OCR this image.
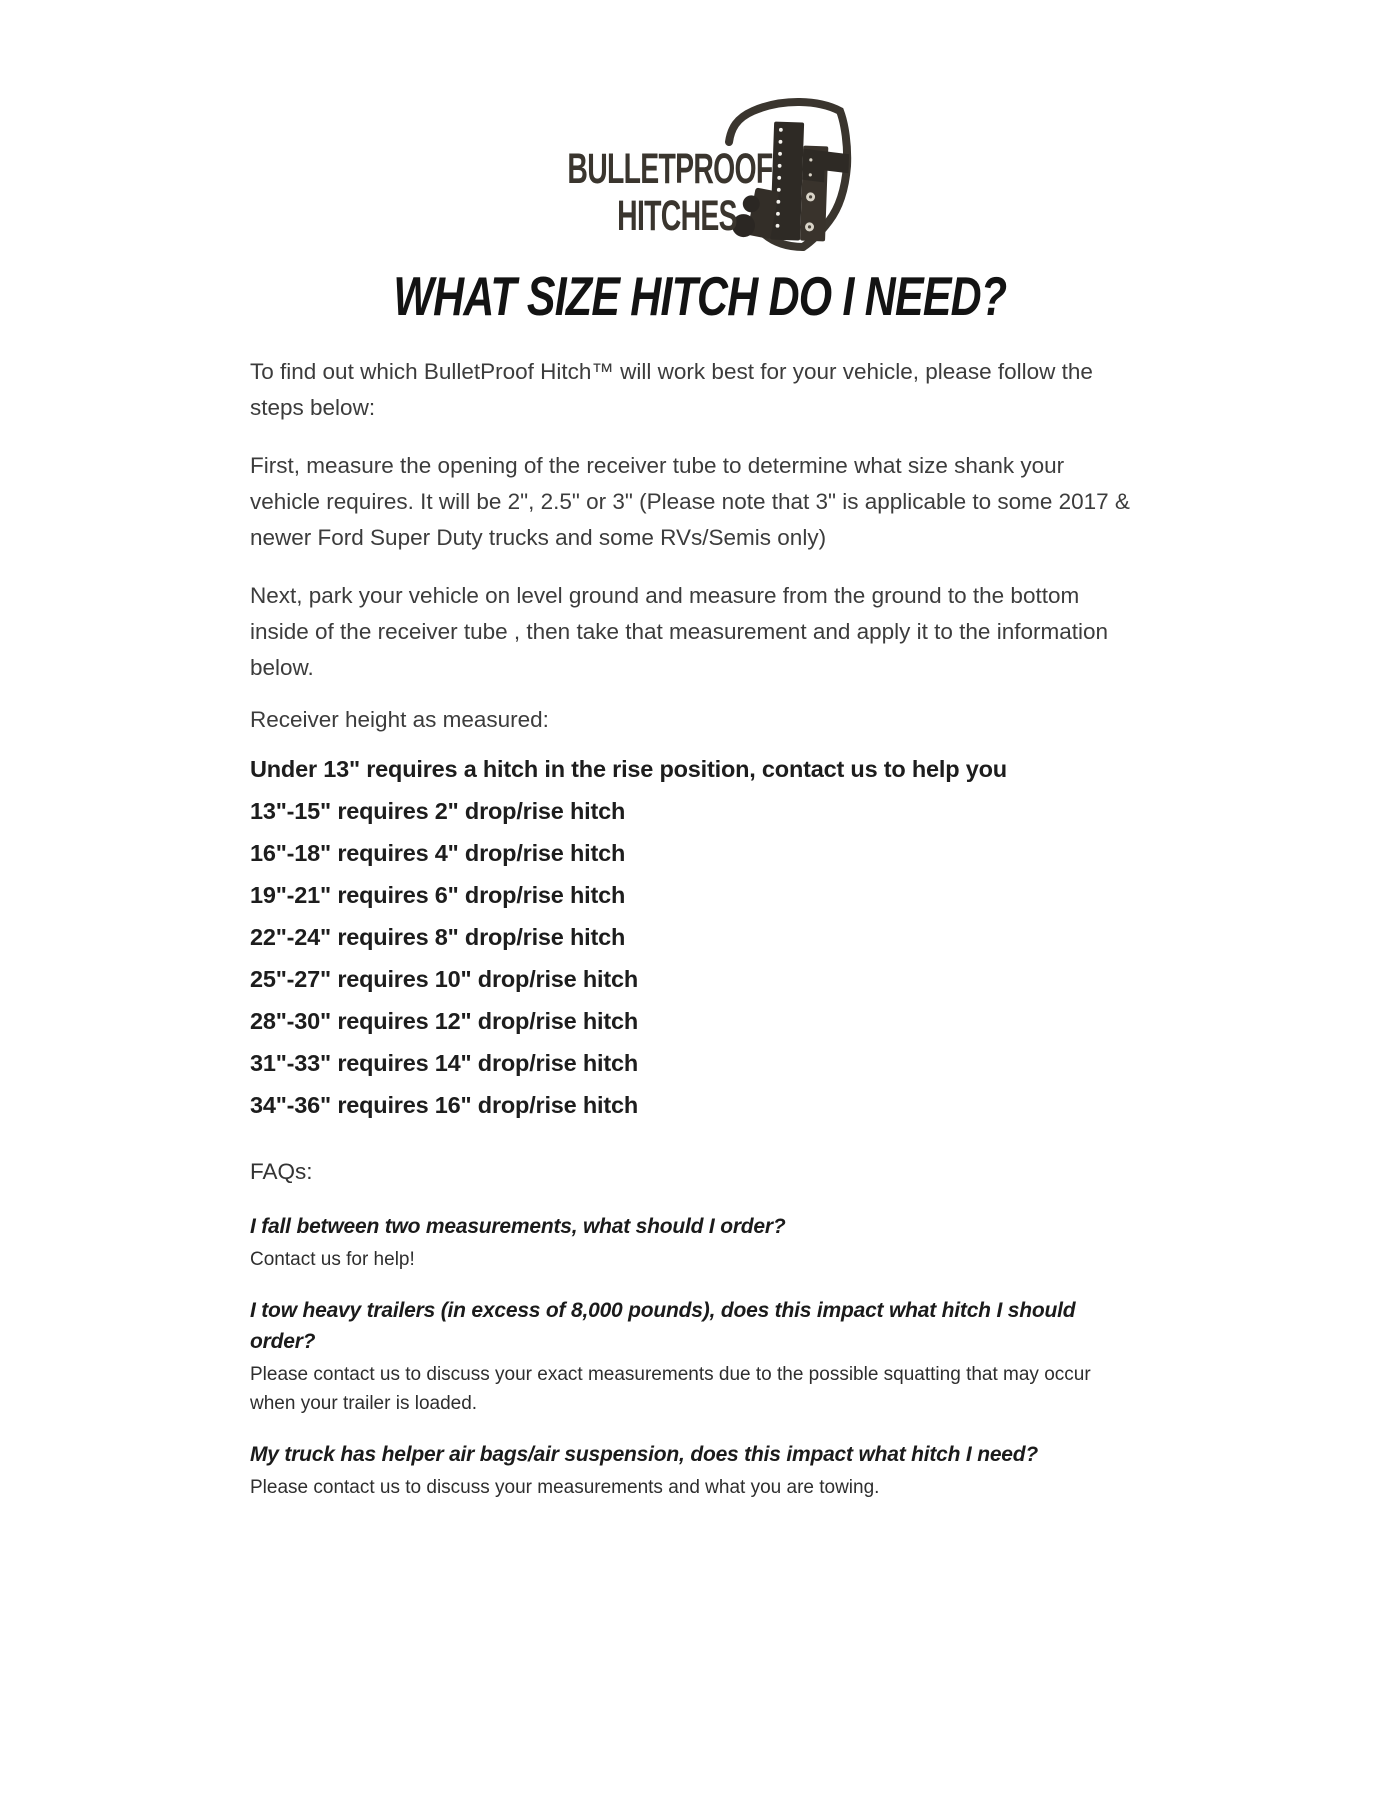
BULLETPROOF
HITCHES
WHAT SIZE HITCH DO I NEED?

To find out which BulletProof Hitch™ will work best for your vehicle, please follow the steps below:

First, measure the opening of the receiver tube to determine what size shank your vehicle requires. It will be 2", 2.5" or 3" (Please note that 3" is applicable to some 2017 & newer Ford Super Duty trucks and some RVs/Semis only)

Next, park your vehicle on level ground and measure from the ground to the bottom inside of the receiver tube , then take that measurement and apply it to the information below.

Receiver height as measured:

Under 13" requires a hitch in the rise position, contact us to help you

13"-15" requires 2" drop/rise hitch

16"-18" requires 4" drop/rise hitch

19"-21" requires 6" drop/rise hitch

22"-24" requires 8" drop/rise hitch

25"-27" requires 10" drop/rise hitch

28"-30" requires 12" drop/rise hitch

31"-33" requires 14" drop/rise hitch

34"-36" requires 16" drop/rise hitch

FAQs:

I fall between two measurements, what should I order?

Contact us for help!

I tow heavy trailers (in excess of 8,000 pounds), does this impact what hitch I should order?

Please contact us to discuss your exact measurements due to the possible squatting that may occur when your trailer is loaded.

My truck has helper air bags/air suspension, does this impact what hitch I need?

Please contact us to discuss your measurements and what you are towing.
